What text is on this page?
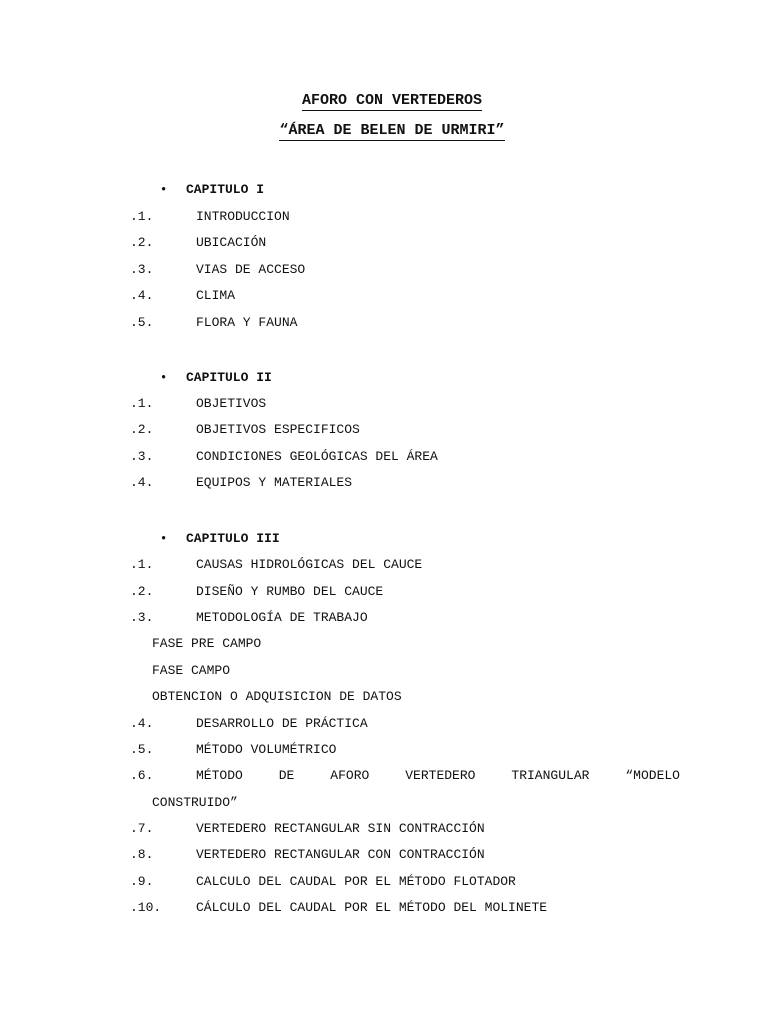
AFORO CON VERTEDEROS
“ÁREA DE BELEN DE URMIRI”
• CAPITULO I
.1.	INTRODUCCION
.2.	UBICACIÓN
.3.	VIAS DE ACCESO
.4.	CLIMA
.5.	FLORA Y FAUNA
• CAPITULO II
.1.	OBJETIVOS
.2.	OBJETIVOS ESPECIFICOS
.3.	CONDICIONES GEOLÓGICAS DEL ÁREA
.4.	EQUIPOS Y MATERIALES
• CAPITULO III
.1.	CAUSAS HIDROLÓGICAS DEL CAUCE
.2.	DISEÑO Y RUMBO DEL CAUCE
.3.	METODOLOGÍA DE TRABAJO
FASE PRE CAMPO
FASE CAMPO
OBTENCION O ADQUISICION DE DATOS
.4.	DESARROLLO DE PRÁCTICA
.5.	MÉTODO VOLUMÉTRICO
.6.	MÉTODO	DE	AFORO	VERTEDERO	TRIANGULAR	“MODELO
CONSTRUIDO”
.7.	VERTEDERO RECTANGULAR SIN CONTRACCIÓN
.8.	VERTEDERO RECTANGULAR CON CONTRACCIÓN
.9.	CALCULO DEL CAUDAL POR EL MÉTODO FLOTADOR
.10.	CÁLCULO DEL CAUDAL POR EL MÉTODO DEL MOLINETE
